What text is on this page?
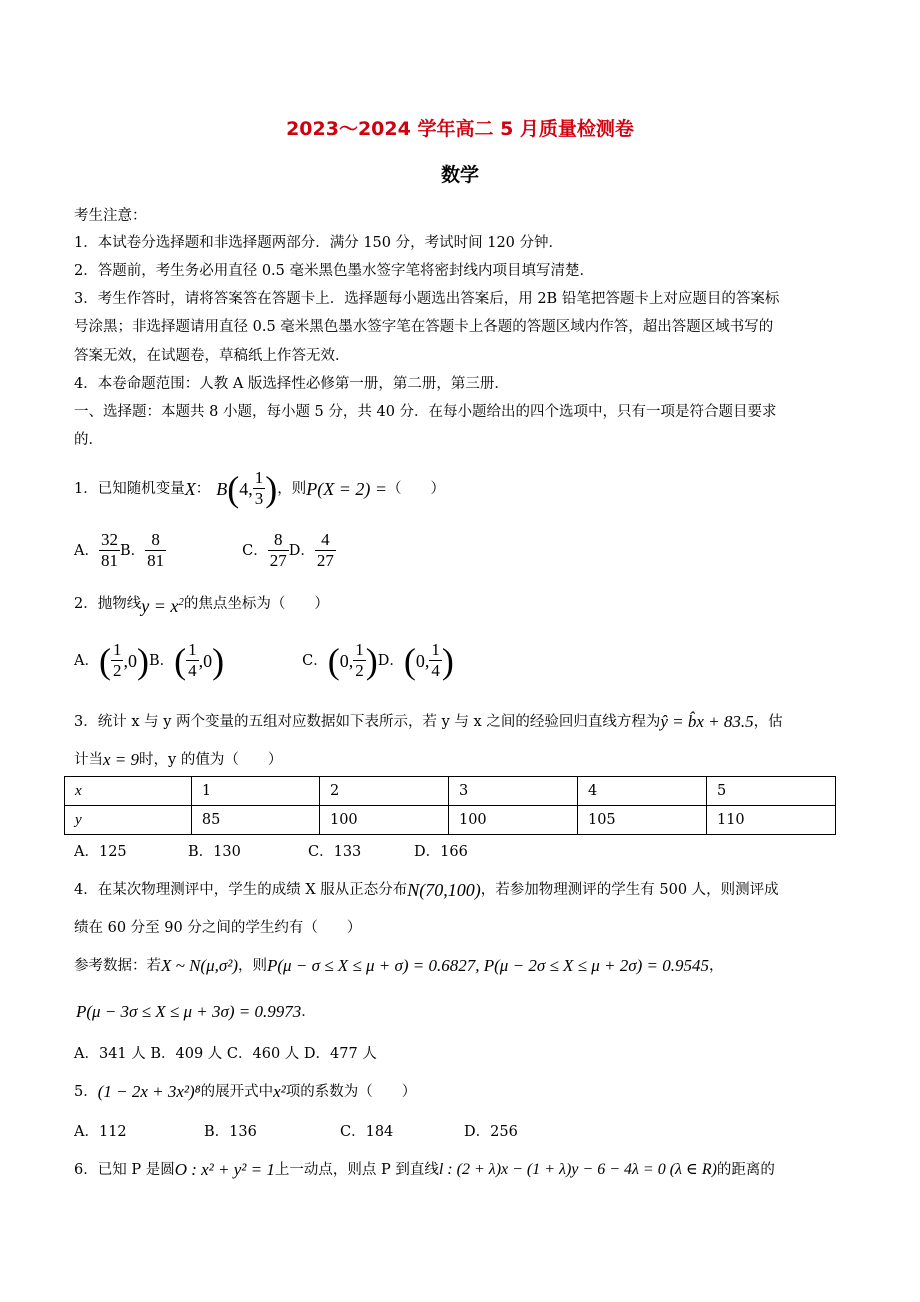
2023～2024 学年高二 5 月质量检测卷
数学
考生注意：
1．本试卷分选择题和非选择题两部分．满分 150 分，考试时间 120 分钟．
2．答题前，考生务必用直径 0.5 毫米黑色墨水签字笔将密封线内项目填写清楚．
3．考生作答时，请将答案答在答题卡上．选择题每小题选出答案后，用 2B 铅笔把答题卡上对应题目的答案标
号涂黑；非选择题请用直径 0.5 毫米黑色墨水签字笔在答题卡上各题的答题区域内作答，超出答题区域书写的
答案无效，在试题卷，草稿纸上作答无效．
4．本卷命题范围：人教 A 版选择性必修第一册，第二册，第三册．
一、选择题：本题共 8 小题，每小题 5 分，共 40 分．在每小题给出的四个选项中，只有一项是符合题目要求
的．
1．已知随机变量 X ： B ( 4, $\frac{1}{3}$ ) ，则 P(X = 2) = （　　）
A． $\frac{32}{81}$ B． $\frac{8}{81}$	C． $\frac{8}{27}$ D． $\frac{4}{27}$
2．抛物线 $y = x^2$ 的焦点坐标为（　　）
A． ( $\frac{1}{2} ,0$ ) B． ( $\frac{1}{4} ,0$ )	C． ( 0, $\frac{1}{2}$ ) D． ( 0, $\frac{1}{4}$ )
3．统计 x 与 y 两个变量的五组对应数据如下表所示，若 y 与 x 之间的经验回归直线方程为 ŷ = b̂x + 83.5 ，估
计当 x = 9 时，y 的值为（　　）
x	1	2	3	4	5
y	85	100	100	105	110
A．125	B．130	C．133	D．166
4．在某次物理测评中，学生的成绩 X 服从正态分布 N(70,100) ，若参加物理测评的学生有 500 人，则测评成
绩在 60 分至 90 分之间的学生约有（　　）
参考数据：若 X ~ N(μ,σ²) ，则 P(μ − σ ≤ X ≤ μ + σ) = 0.6827, P(μ − 2σ ≤ X ≤ μ + 2σ) = 0.9545 ，
P(μ − 3σ ≤ X ≤ μ + 3σ) = 0.9973 ．
A．341 人 B．409 人 C．460 人 D．477 人
5． (1 − 2x + 3x²)⁸ 的展开式中 x² 项的系数为（　　）
A．112	B．136	C．184	D．256
6．已知 P 是圆 O : x² + y² = 1 上一动点，则点 P 到直线 l : (2 + λ)x − (1 + λ)y − 6 − 4λ = 0 (λ ∈ R) 的距离的
